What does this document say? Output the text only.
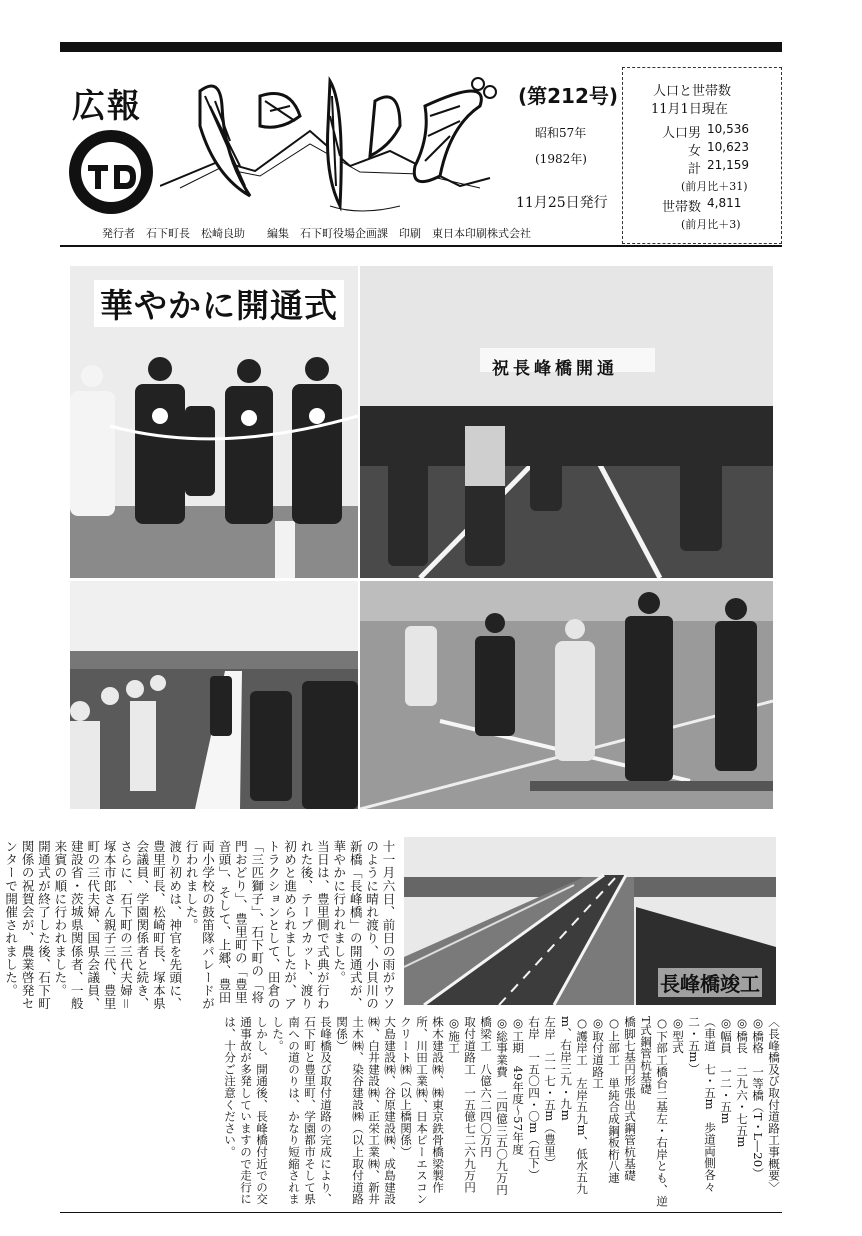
広報	(第212号)
昭和57年
(1982年)
11月25日発行
人口と世帯数
11月1日現在
人口男 10,536
女 10,623
計 21,159
(前月比＋31)
世帯数 4,811
(前月比＋3)
発行者　石下町長　松崎良助　　編集　石下町役場企画課　印刷　東日本印刷株式会社
華やかに開通式
祝長峰橋開通
長峰橋竣工

十一月六日、前日の雨がウソのように晴れ渡り、小貝川の新橋「長峰橋」の開通式が、華やかに行われました。

当日は、豊里側で式典が行われた後、テープカット、渡り初めと進められましたが、アトラクションとして、田倉の「三匹獅子」、石下町の「将門おどり」、豊里町の「豊里音頭」、そして、上郷、豊田両小学校の鼓笛隊パレードが行われました。

渡り初めは、神官を先頭に、豊里町長、松崎町長、塚本県会議員、学園関係者と続き、さらに、石下町の三代夫婦＝塚本市郎さん親子三代、豊里町の三代夫婦、国県会議員、建設省・茨城県関係者、一般来賓の順に行われました。

開通式が終了した後、石下町関係の祝賀会が、農業啓発センターで開催されました。

〈長峰橋及び取付道路工事概要〉

◎橋格　一等橋（T・L―20）

◎橋長　二九六・七五m

◎幅員　一二・五m

（車道　七・五m　歩道両側各々二・五m）

◎型式

○下部工橋台二基左・右岸とも、逆T式鋼管杭基礎

橋脚七基円形張出式鋼管杭基礎

○上部工　単純合成鋼板桁八連

◎取付道路工

○護岸工　左岸五九m、低水五九m、右岸三九・九m

左岸　二一七・五m（豊里）

右岸　一五〇四・〇m（石下）

◎工期　49年度～57年度

◎総事業費　二四億三五〇九万円

橋梁工　八億六二四〇万円

取付道路工　一五億七二六九万円

◎施工

株木建設㈱、㈱東京鉄骨橋梁製作所、川田工業㈱、日本ピーエスコンクリート㈱（以上橋関係）

大島建設㈱、谷原建設㈱、成島建設㈱、白井建設㈱、正栄工業㈱、新井土木㈱、染谷建設㈱（以上取付道路関係）

長峰橋及び取付道路の完成により、石下町と豊里町、学園都市そして県南への道のりは、かなり短縮されました。

しかし、開通後、長峰橋付近での交通事故が多発していますので走行には、十分ご注意ください。
